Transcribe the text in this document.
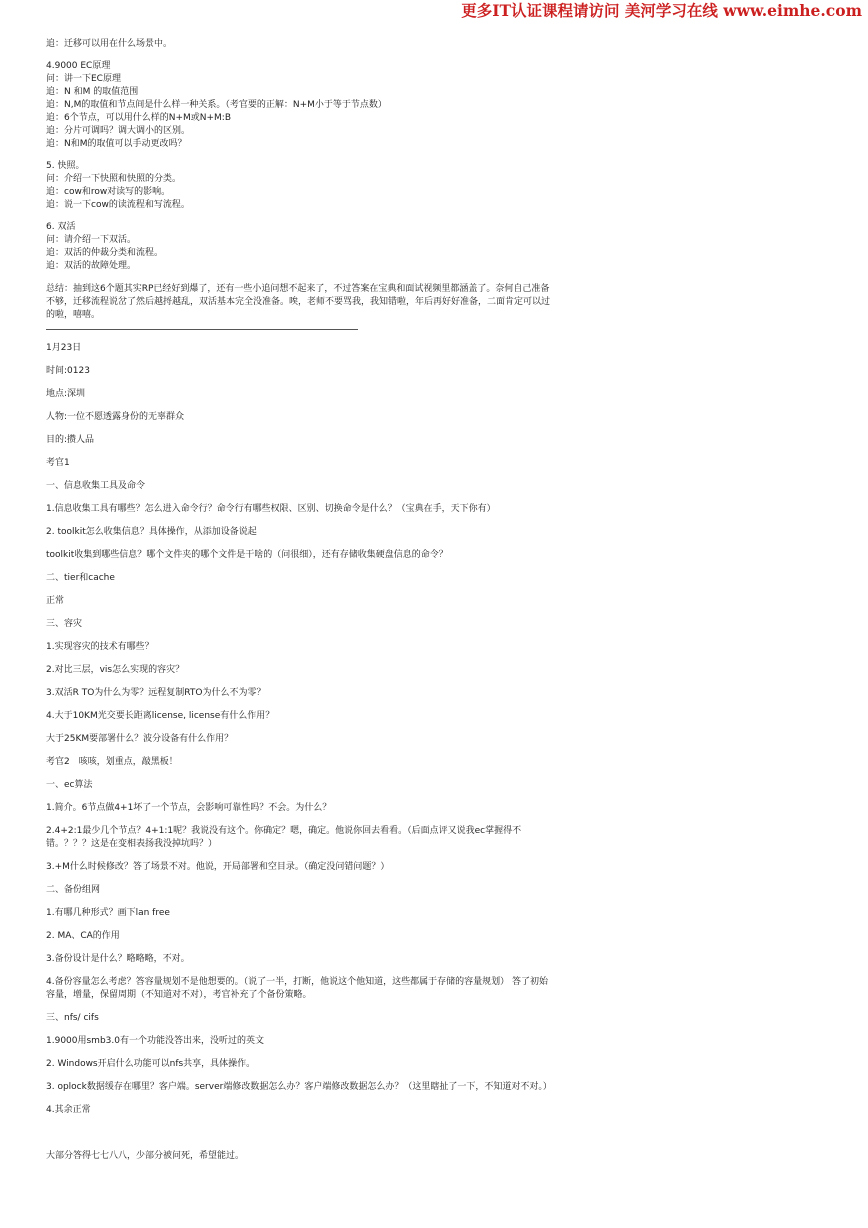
更多IT认证课程请访问 美河学习在线 www.eimhe.com
追：迁移可以用在什么场景中。
4.9000 EC原理
问：讲一下EC原理
追：N 和M 的取值范围
追：N,M的取值和节点间是什么样一种关系。（考官要的正解：N+M小于等于节点数）
追：6个节点，可以用什么样的N+M或N+M:B
追：分片可调吗？调大调小的区别。
追：N和M的取值可以手动更改吗？
5. 快照。
问：介绍一下快照和快照的分类。
追：cow和row对读写的影响。
追：说一下cow的读流程和写流程。
6. 双活
问：请介绍一下双活。
追：双活的仲裁分类和流程。
追：双活的故障处理。
总结：抽到这6个题其实RP已经好到爆了，还有一些小追问想不起来了，不过答案在宝典和面试视频里都涵盖了。奈何自己准备不够，迁移流程说岔了然后越捋越乱，双活基本完全没准备。唉，老师不要骂我，我知错啦，年后再好好准备，二面肯定可以过的啦，嘻嘻。
1月23日
时间:0123
地点:深圳
人物:一位不愿透露身份的无辜群众
目的:攒人品
考官1
一、信息收集工具及命令
1.信息收集工具有哪些？怎么进入命令行？命令行有哪些权限、区别、切换命令是什么？（宝典在手，天下你有）
2. toolkit怎么收集信息？具体操作，从添加设备说起
toolkit收集到哪些信息？哪个文件夹的哪个文件是干啥的（问很细），还有存储收集硬盘信息的命令？
二、tier和cache
正常
三、容灾
1.实现容灾的技术有哪些？
2.对比三层，vis怎么实现的容灾？
3.双活R TO为什么为零？远程复制RTO为什么不为零？
4.大于10KM光交要长距离license, license有什么作用？
大于25KM要部署什么？波分设备有什么作用？
考官2　咳咳，划重点，敲黑板！
一、ec算法
1.简介。6节点做4+1坏了一个节点，会影响可靠性吗？不会。为什么？
2.4+2:1最少几个节点？4+1:1呢？我说没有这个。你确定？嗯，确定。他说你回去看看。（后面点评又说我ec掌握得不错。？？？这是在变相表扬我没掉坑吗？）
3.+M什么时候修改？答了场景不对。他说，开局部署和空目录。（确定没问错问题？）
二、备份组网
1.有哪几种形式？画下lan free
2. MA、CA的作用
3.备份设计是什么？略略略，不对。
4.备份容量怎么考虑？答容量规划不是他想要的。（说了一半，打断，他说这个他知道，这些都属于存储的容量规划） 答了初始容量，增量，保留周期（不知道对不对），考官补充了个备份策略。
三、nfs/ cifs
1.9000用smb3.0有一个功能没答出来，没听过的英文
2. Windows开启什么功能可以nfs共享，具体操作。
3. oplock数据缓存在哪里？客户端。server端修改数据怎么办？客户端修改数据怎么办？（这里瞎扯了一下，不知道对不对。）
4.其余正常
大部分答得七七八八，少部分被问死，希望能过。
